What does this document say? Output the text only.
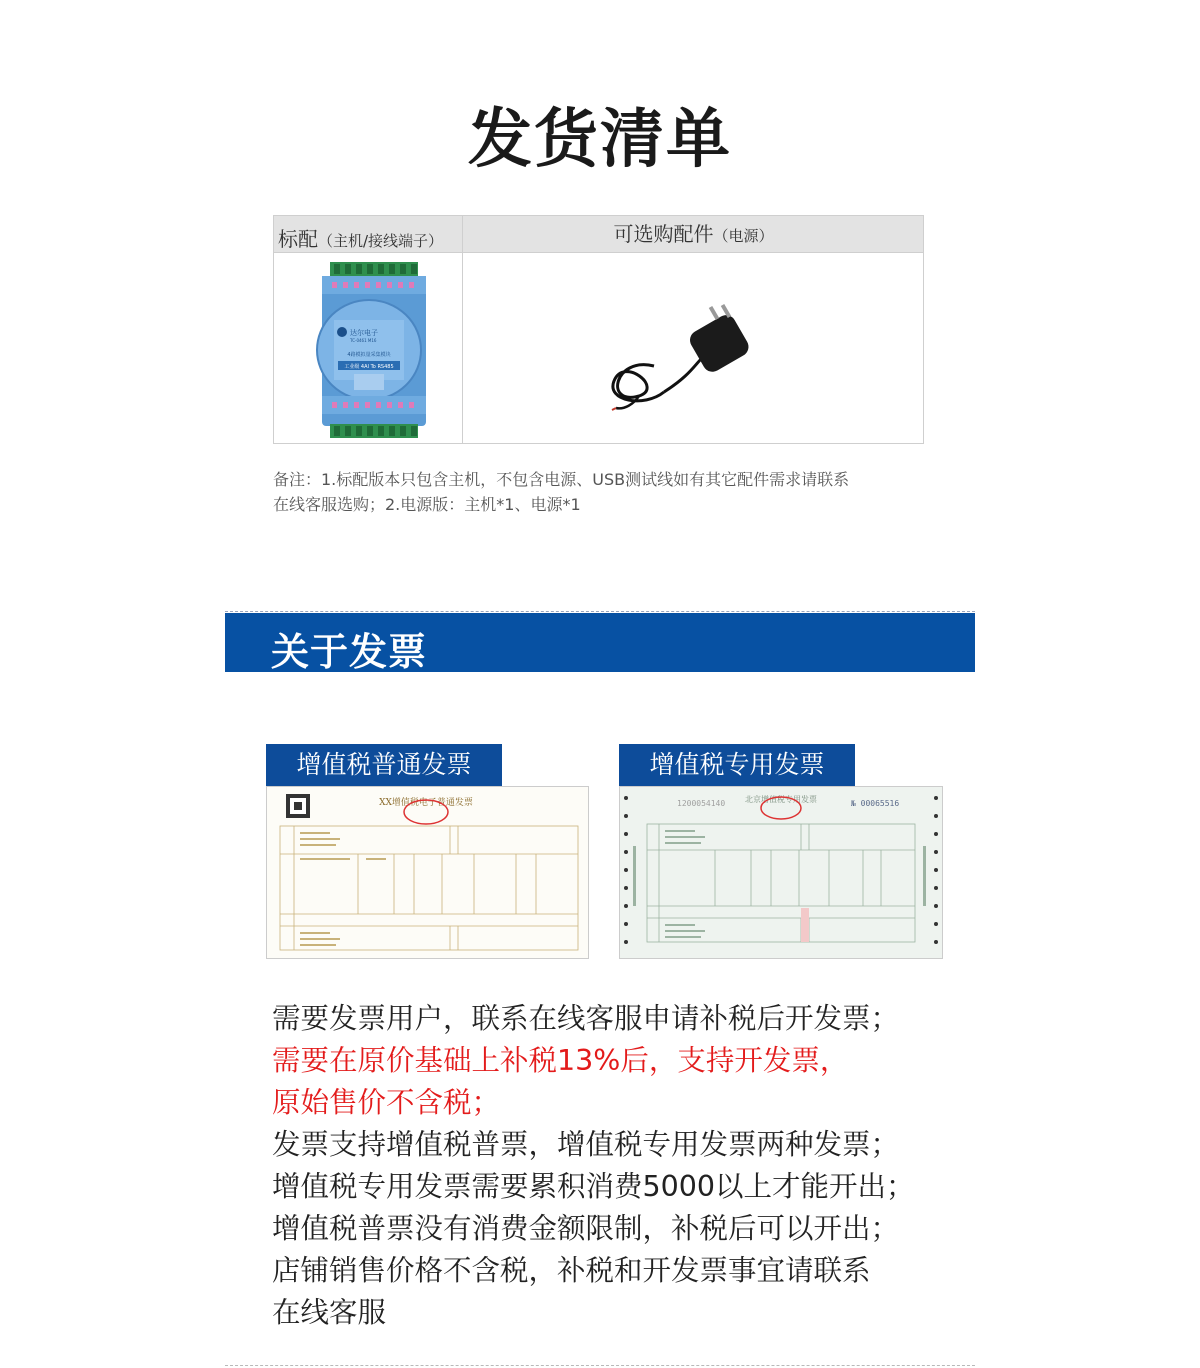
发货清单
标配（主机/接线端子）	可选购配件（电源）
达尔电子
TC-0461 M16
4路模拟量采集模块
工业级 4AI To RS485
备注：1.标配版本只包含主机，不包含电源、USB测试线如有其它配件需求请联系
在线客服选购；2.电源版：主机*1、电源*1
关于发票
增值税普通发票	增值税专用发票
XX增值税电子普通发票	1200054140 北京增值税专用发票	№ 00065516
需要发票用户，联系在线客服申请补税后开发票；
需要在原价基础上补税13%后，支持开发票，
原始售价不含税；
发票支持增值税普票，增值税专用发票两种发票；
增值税专用发票需要累积消费5000以上才能开出；
增值税普票没有消费金额限制，补税后可以开出；
店铺销售价格不含税，补税和开发票事宜请联系
在线客服
